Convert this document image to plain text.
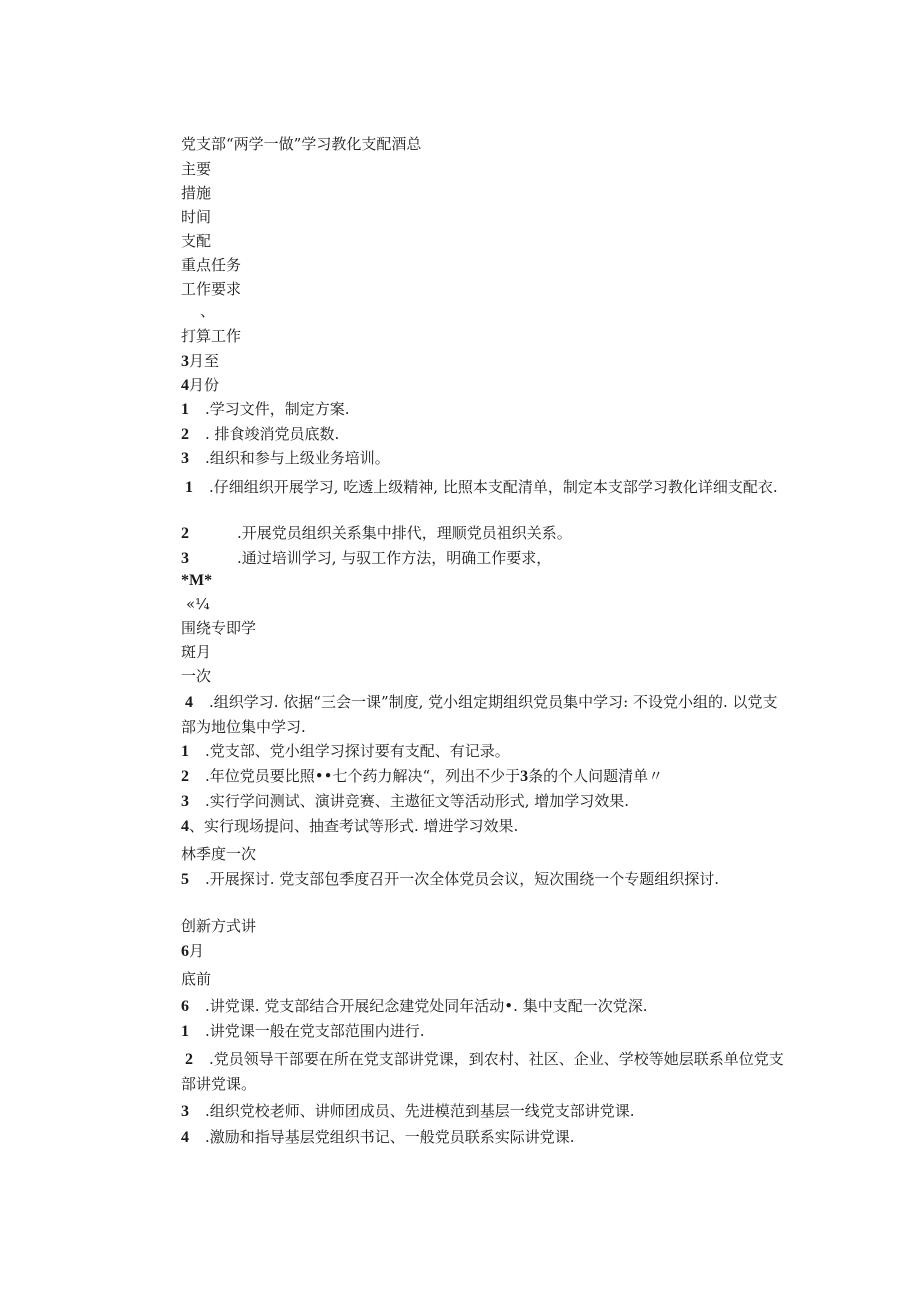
党支部“两学一做”学习教化支配酒总
主要
措施
时间
支配
重点任务
工作要求
、
打算工作
3月至
4月份
1 .学习文件，制定方案.
2 . 排食竣消党员底数.
3 .组织和参与上级业务培训。
1 .仔细组织开展学习, 吃透上级精神, 比照本支配清单，制定本支部学习教化详细支配衣.
2	.开展党员组织关系集中排代，理顺党员祖织关系。
3	.通过培训学习, 与驭工作方法，明确工作要求，
*M*
«¼
围绕专即学
斑月
一次
4 .组织学习. 依据“三会一课”制度, 党小组定期组织党员集中学习: 不设党小组的. 以党支部为地位集中学习.
1 .党支部、党小组学习探讨要有支配、有记录。
2 .年位党员要比照••七个药力解决“，列出不少于3条的个人问题清单〃
3 .实行学问测试、演讲竞赛、主遨征文等活动形式, 增加学习效果.
4、实行现场提问、抽查考试等形式. 增进学习效果.
林季度一次
5 .开展探讨. 党支部包季度召开一次全体党员会议，短次围绕一个专题组织探讨.
创新方式讲
6月
底前
6 .讲党课. 党支部结合开展纪念建党处同年活动•. 集中支配一次党深.
1 .讲党课一般在党支部范围内进行.
2 .党员领导干部要在所在党支部讲党课，到农村、社区、企业、学校等她层联系单位党支部讲党课。
3 .组织党校老师、讲师团成员、先进模范到基层一线党支部讲党课.
4 .激励和指导基层党组织书记、一般党员联系实际讲党课.
